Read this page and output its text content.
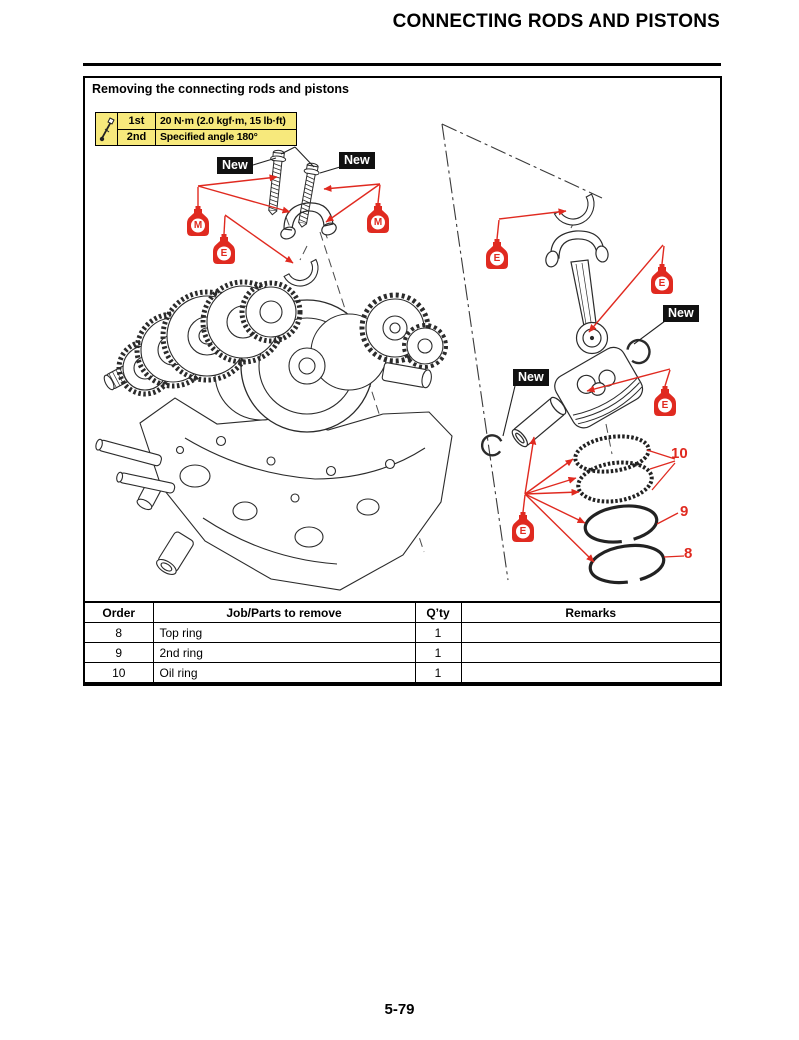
CONNECTING RODS AND PISTONS
Removing the connecting rods and pistons
1st	20 N·m (2.0 kgf·m, 15 lb·ft)
2nd	Specified angle 180°
New	New
New
New
M	M
E	E
E
E
E
10
9
8
Order	Job/Parts to remove	Q’ty	Remarks
8	Top ring	1	
9	2nd ring	1	
10	Oil ring	1	
5-79
